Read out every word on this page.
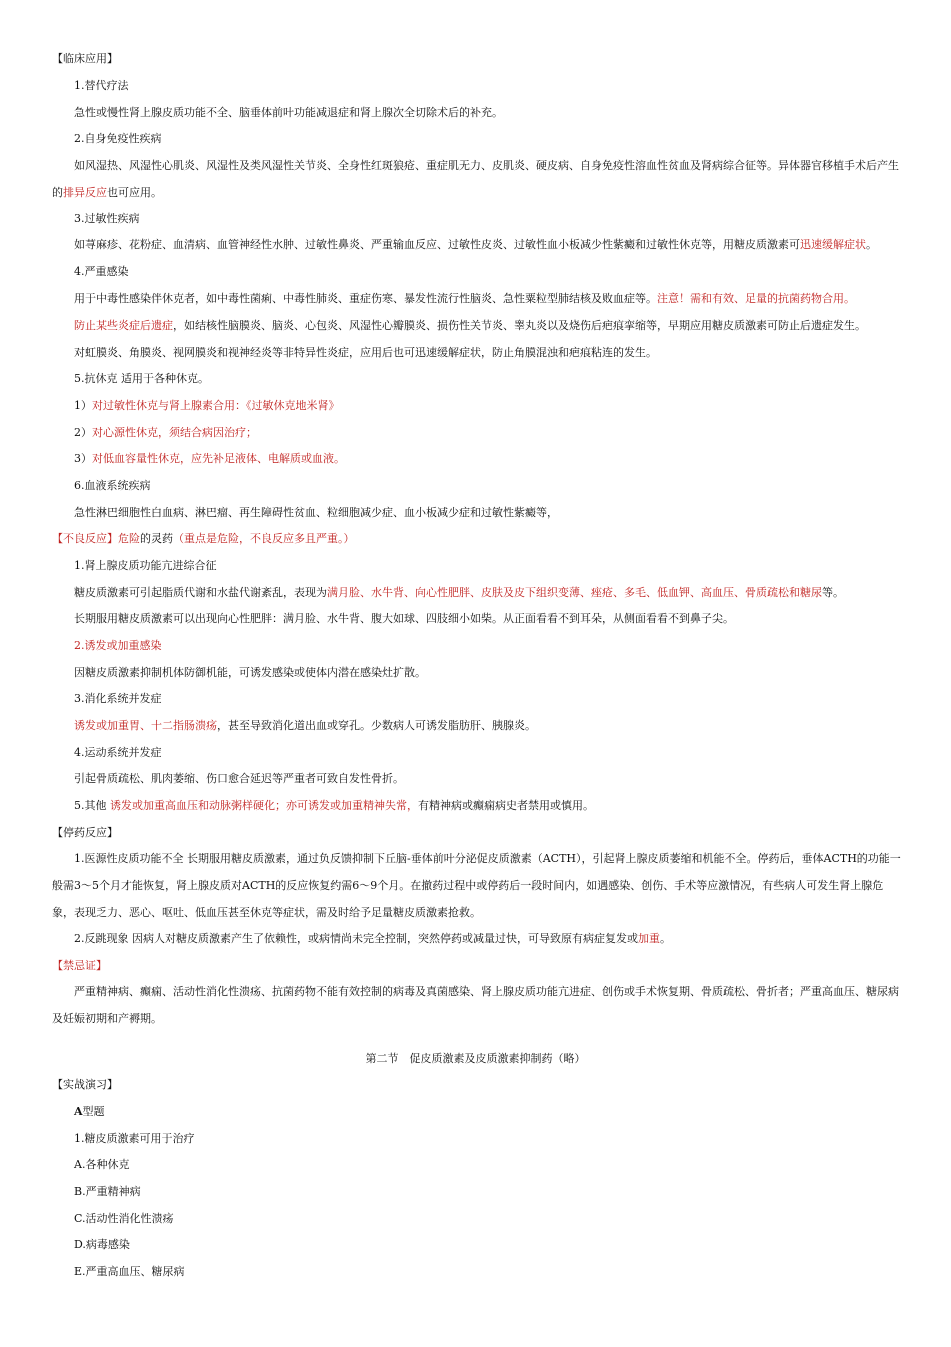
【临床应用】
1.替代疗法
急性或慢性肾上腺皮质功能不全、脑垂体前叶功能减退症和肾上腺次全切除术后的补充。
2.自身免疫性疾病
如风湿热、风湿性心肌炎、风湿性及类风湿性关节炎、全身性红斑狼疮、重症肌无力、皮肌炎、硬皮病、自身免疫性溶血性贫血及肾病综合征等。异体器官移植手术后产生的排异反应也可应用。
3.过敏性疾病
如荨麻疹、花粉症、血清病、血管神经性水肿、过敏性鼻炎、严重输血反应、过敏性皮炎、过敏性血小板减少性紫癜和过敏性休克等，用糖皮质激素可迅速缓解症状。
4.严重感染
用于中毒性感染伴休克者，如中毒性菌痢、中毒性肺炎、重症伤寒、暴发性流行性脑炎、急性粟粒型肺结核及败血症等。注意！需和有效、足量的抗菌药物合用。
防止某些炎症后遗症，如结核性脑膜炎、脑炎、心包炎、风湿性心瓣膜炎、损伤性关节炎、睾丸炎以及烧伤后疤痕挛缩等，早期应用糖皮质激素可防止后遗症发生。
对虹膜炎、角膜炎、视网膜炎和视神经炎等非特异性炎症，应用后也可迅速缓解症状，防止角膜混浊和疤痕粘连的发生。
5.抗休克 适用于各种休克。
1）对过敏性休克与肾上腺素合用：《过敏休克地米肾》
2）对心源性休克，须结合病因治疗；
3）对低血容量性休克，应先补足液体、电解质或血液。
6.血液系统疾病
急性淋巴细胞性白血病、淋巴瘤、再生障碍性贫血、粒细胞减少症、血小板减少症和过敏性紫癜等，
【不良反应】危险的灵药（重点是危险，不良反应多且严重。）
1.肾上腺皮质功能亢进综合征
糖皮质激素可引起脂质代谢和水盐代谢紊乱，表现为满月脸、水牛背、向心性肥胖、皮肤及皮下组织变薄、痤疮、多毛、低血钾、高血压、骨质疏松和糖尿等。
长期服用糖皮质激素可以出现向心性肥胖：满月脸、水牛背、腹大如球、四肢细小如柴。从正面看看不到耳朵，从侧面看看不到鼻子尖。
2.诱发或加重感染
因糖皮质激素抑制机体防御机能，可诱发感染或使体内潜在感染灶扩散。
3.消化系统并发症
诱发或加重胃、十二指肠溃疡，甚至导致消化道出血或穿孔。少数病人可诱发脂肪肝、胰腺炎。
4.运动系统并发症
引起骨质疏松、肌肉萎缩、伤口愈合延迟等严重者可致自发性骨折。
5.其他 诱发或加重高血压和动脉粥样硬化；亦可诱发或加重精神失常，有精神病或癫痫病史者禁用或慎用。
【停药反应】
1.医源性皮质功能不全 长期服用糖皮质激素，通过负反馈抑制下丘脑-垂体前叶分泌促皮质激素（ACTH），引起肾上腺皮质萎缩和机能不全。停药后，垂体ACTH的功能一般需3～5个月才能恢复，肾上腺皮质对ACTH的反应恢复约需6～9个月。在撤药过程中或停药后一段时间内，如遇感染、创伤、手术等应激情况，有些病人可发生肾上腺危象，表现乏力、恶心、呕吐、低血压甚至休克等症状，需及时给予足量糖皮质激素抢救。
2.反跳现象 因病人对糖皮质激素产生了依赖性，或病情尚未完全控制，突然停药或减量过快，可导致原有病症复发或加重。
【禁忌证】
严重精神病、癫痫、活动性消化性溃疡、抗菌药物不能有效控制的病毒及真菌感染、肾上腺皮质功能亢进症、创伤或手术恢复期、骨质疏松、骨折者；严重高血压、糖尿病及妊娠初期和产褥期。
第二节　促皮质激素及皮质激素抑制药（略）
【实战演习】
A型题
1.糖皮质激素可用于治疗
A.各种休克
B.严重精神病
C.活动性消化性溃疡
D.病毒感染
E.严重高血压、糖尿病
